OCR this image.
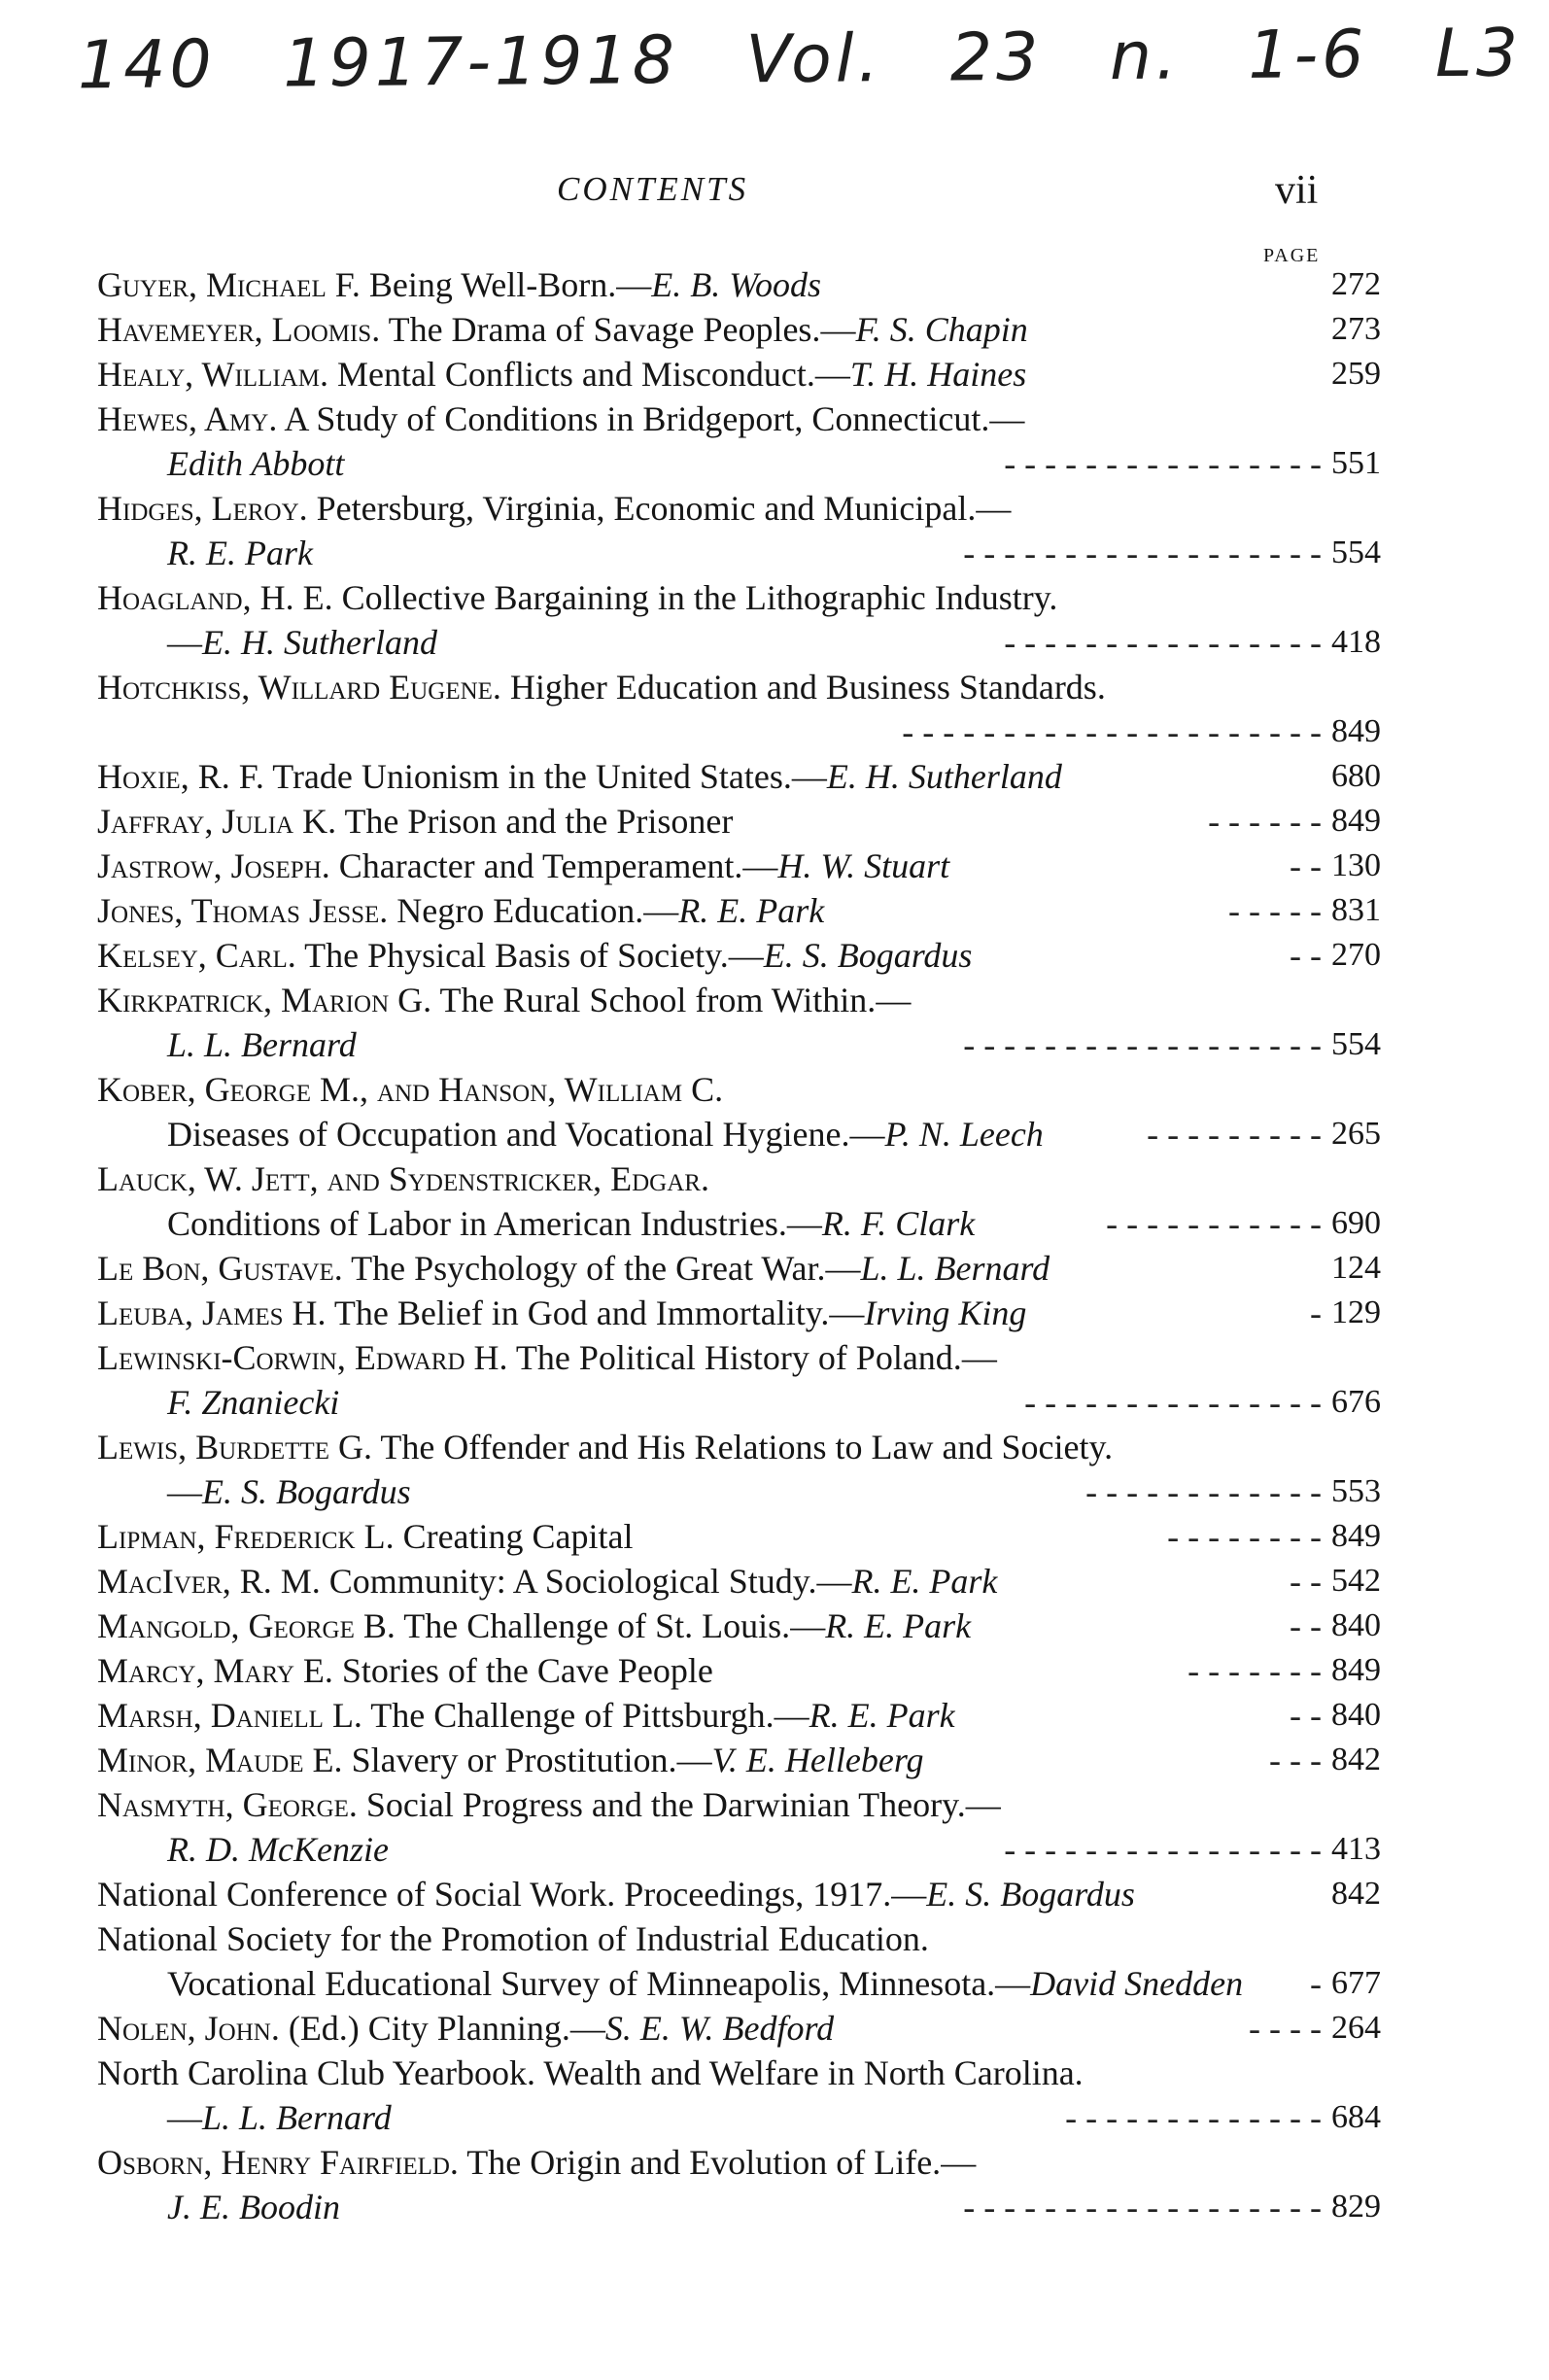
140 1917-1918 Vol. 23 n. 1-6 L3
CONTENTS	vii
PAGE
Guyer, Michael F. Being Well-Born.—E. B. Woods	272
Havemeyer, Loomis. The Drama of Savage Peoples.—F. S. Chapin	273
Healy, William. Mental Conflicts and Misconduct.—T. H. Haines	259
Hewes, Amy. A Study of Conditions in Bridgeport, Connecticut.—
Edith Abbott	- - - - - - - - - - - - - - - - 551
Hidges, Leroy. Petersburg, Virginia, Economic and Municipal.—
R. E. Park	- - - - - - - - - - - - - - - - - - 554
Hoagland, H. E. Collective Bargaining in the Lithographic Industry.
—E. H. Sutherland	- - - - - - - - - - - - - - - - 418
Hotchkiss, Willard Eugene. Higher Education and Business Standards.
- - - - - - - - - - - - - - - - - - - - - 849
Hoxie, R. F. Trade Unionism in the United States.—E. H. Sutherland	680
Jaffray, Julia K. The Prison and the Prisoner	- - - - - - 849
Jastrow, Joseph. Character and Temperament.—H. W. Stuart	- - 130
Jones, Thomas Jesse. Negro Education.—R. E. Park	- - - - - 831
Kelsey, Carl. The Physical Basis of Society.—E. S. Bogardus	- - 270
Kirkpatrick, Marion G. The Rural School from Within.—
L. L. Bernard	- - - - - - - - - - - - - - - - - - 554
Kober, George M., and Hanson, William C.
Diseases of Occupation and Vocational Hygiene.—P. N. Leech	- - - - - - - - - 265
Lauck, W. Jett, and Sydenstricker, Edgar.
Conditions of Labor in American Industries.—R. F. Clark	- - - - - - - - - - - 690
Le Bon, Gustave. The Psychology of the Great War.—L. L. Bernard	124
Leuba, James H. The Belief in God and Immortality.—Irving King	- 129
Lewinski-Corwin, Edward H. The Political History of Poland.—
F. Znaniecki	- - - - - - - - - - - - - - - 676
Lewis, Burdette G. The Offender and His Relations to Law and Society.
—E. S. Bogardus	- - - - - - - - - - - - 553
Lipman, Frederick L. Creating Capital	- - - - - - - - 849
MacIver, R. M. Community: A Sociological Study.—R. E. Park	- - 542
Mangold, George B. The Challenge of St. Louis.—R. E. Park	- - 840
Marcy, Mary E. Stories of the Cave People	- - - - - - - 849
Marsh, Daniell L. The Challenge of Pittsburgh.—R. E. Park	- - 840
Minor, Maude E. Slavery or Prostitution.—V. E. Helleberg	- - - 842
Nasmyth, George. Social Progress and the Darwinian Theory.—
R. D. McKenzie	- - - - - - - - - - - - - - - - 413
National Conference of Social Work. Proceedings, 1917.—E. S. Bogardus	842
National Society for the Promotion of Industrial Education.
Vocational Educational Survey of Minneapolis, Minnesota.—David Snedden - 677
Nolen, John. (Ed.) City Planning.—S. E. W. Bedford	- - - - 264
North Carolina Club Yearbook. Wealth and Welfare in North Carolina.
—L. L. Bernard	- - - - - - - - - - - - - 684
Osborn, Henry Fairfield. The Origin and Evolution of Life.—
J. E. Boodin	- - - - - - - - - - - - - - - - - - 829
